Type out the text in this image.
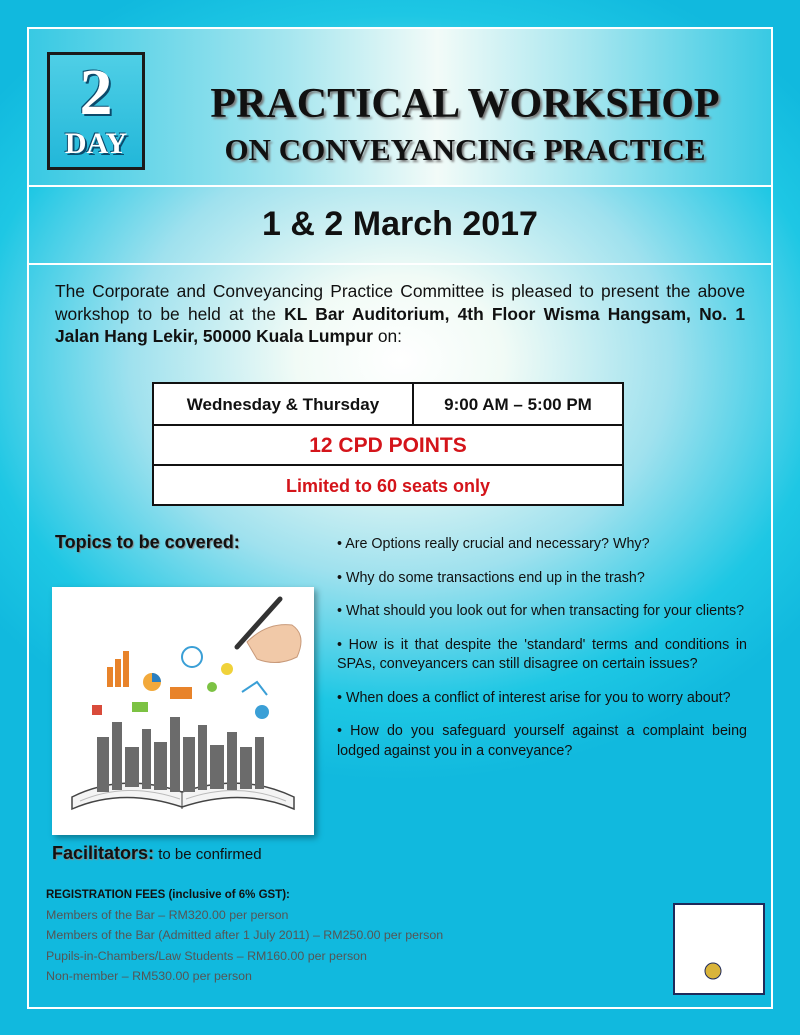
2
DAY
PRACTICAL WORKSHOP
ON CONVEYANCING PRACTICE
1 & 2 March 2017

The Corporate and Conveyancing Practice Committee is pleased to present the above workshop to be held at the KL Bar Auditorium, 4th Floor Wisma Hangsam, No. 1 Jalan Hang Lekir, 50000 Kuala Lumpur on:

Wednesday & Thursday	9:00 AM – 5:00 PM
12 CPD POINTS
Limited to 60 seats only
Topics to be covered:	• Are Options really crucial and necessary? Why?
• Why do some transactions end up in the trash?
• What should you look out for when transacting for your clients?
• How is it that despite the 'standard' terms and conditions in SPAs, conveyancers can still disagree on certain issues?
• When does a conflict of interest arise for you to worry about?
• How do you safeguard yourself against a complaint being lodged against you in a conveyance?
Facilitators: to be confirmed
REGISTRATION FEES (inclusive of 6% GST):
Members of the Bar – RM320.00 per person
Members of the Bar (Admitted after 1 July 2011) – RM250.00 per person
Pupils-in-Chambers/Law Students – RM160.00 per person
Non-member – RM530.00 per person
